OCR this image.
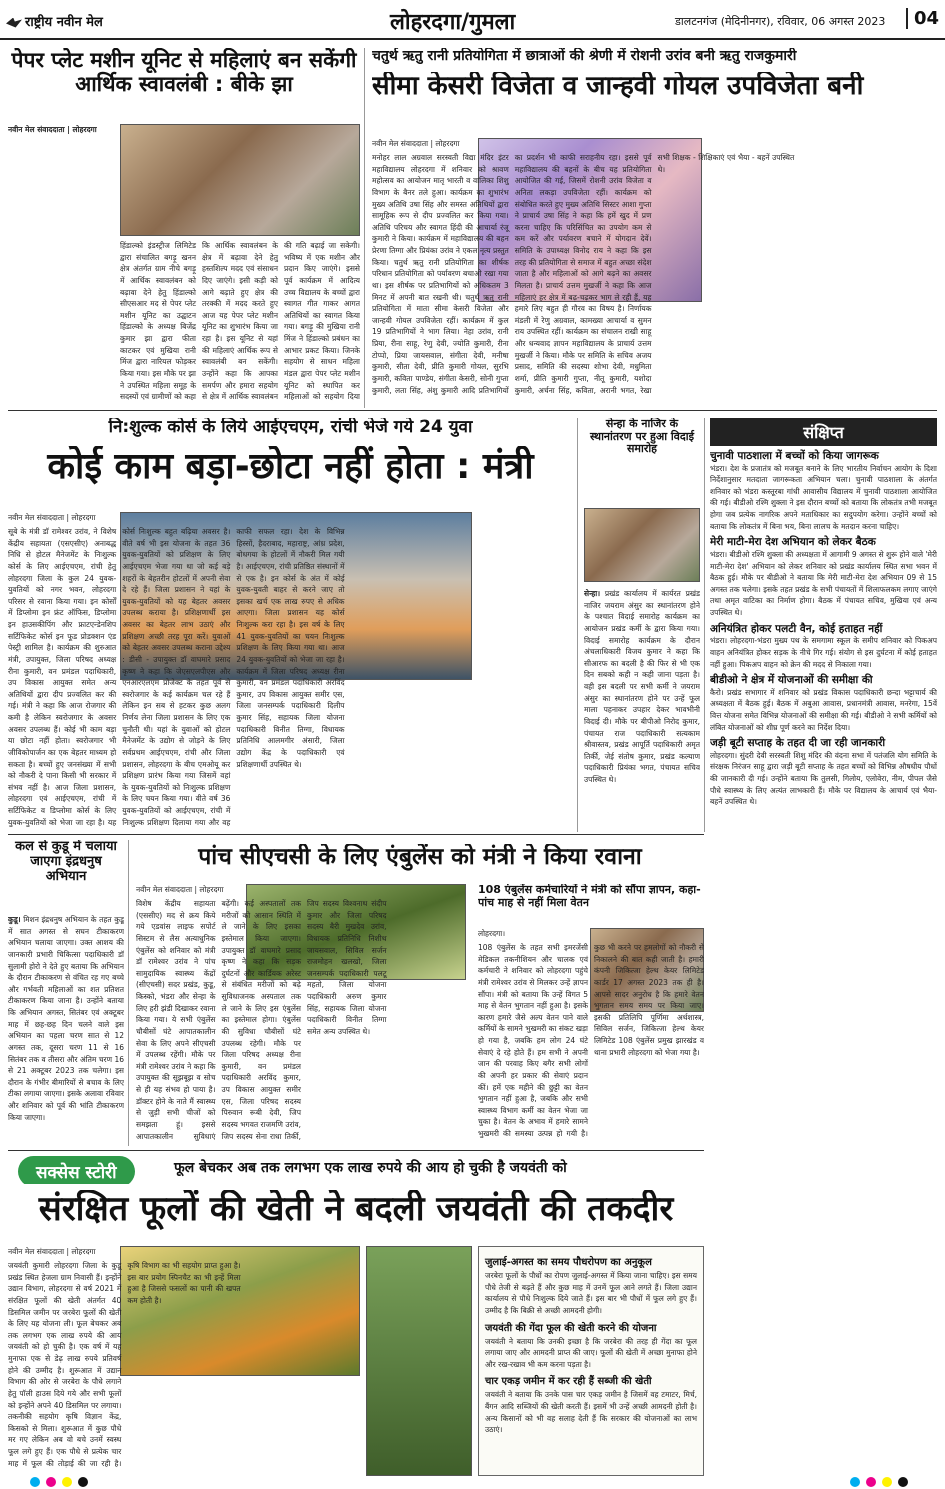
राष्ट्रीय नवीन मेल	लोहरदगा/गुमला	डालटनगंज (मेदिनीनगर), रविवार, 06 अगस्त 2023	04
पेपर प्लेट मशीन यूनिट से महिलाएं बन सकेंगी आर्थिक स्वावलंबी : बीके झा
नवीन मेल संवाददाता | लोहरदगा
हिंडाल्को इंडस्ट्रीज लिमिटेड द्वारा संचालित बगड़ू खनन क्षेत्र अंतर्गत ग्राम नीचे बगड़ू में आर्थिक स्वावलंबन को बढ़ावा देने हेतु हिंडाल्को सीएसआर मद से पेपर प्लेट मशीन यूनिट का उद्घाटन हिंडाल्को के अध्यक्ष बिजेंद्र कुमार झा द्वारा फीता काटकर एवं मुखिया रानी मिंज द्वारा नारियल फोड़कर किया गया। इस मौके पर झा ने उपस्थित महिला समूह के सदस्यों एवं ग्रामीणों को कहा कि आर्थिक स्वावलंबन के क्षेत्र में बढ़ावा देने हेतु हस्तशिल्प मदद एवं संसाधन दिए जाएंगे। इसी कड़ी को आगे बढ़ाते हुए क्षेत्र की तरक्की में मदद करते हुए आज यह पेपर प्लेट मशीन यूनिट का शुभारंभ किया जा रहा है। इस यूनिट से यहां की महिलाएं आर्थिक रूप से स्वावलंबी बन सकेंगी। उन्होंने कहा कि आपका समर्पण और हमारा सहयोग से क्षेत्र में आर्थिक स्वावलंबन की गति बढ़ाई जा सकेगी। भविष्य में एक मशीन और प्रदान किए जाएंगे। इससे पूर्व कार्यक्रम में आदित्य उच्च विद्यालय के बच्चों द्वारा स्वागत गीत गाकर आगत अतिथियों का स्वागत किया गया। बगड़ू की मुखिया रानी मिंज ने हिंडाल्को प्रबंधन का आभार प्रकट किया। जिनके सहयोग से साधन महिला मंडल द्वारा पेपर प्लेट मशीन यूनिट को स्थापित कर महिलाओं को सहयोग दिया
चतुर्थ ऋतु रानी प्रतियोगिता में छात्राओं की श्रेणी में रोशनी उरांव बनी ऋतु राजकुमारी
सीमा केसरी विजेता व जान्हवी गोयल उपविजेता बनी
नवीन मेल संवाददाता | लोहरदगा
मनोहर लाल अग्रवाल सरस्वती विद्या मंदिर इंटर महाविद्यालय लोहरदगा में शनिवार को श्रावण महोत्सव का आयोजन मातृ भारती व वालिका शिशु विभाग के बैनर तले हुआ। कार्यक्रम का शुभारंभ मुख्य अतिथि उषा सिंह और समस्त अतिथियों द्वारा सामूहिक रूप से दीप प्रज्वलित कर किया गया। अतिथि परिचय और स्वागत हिंदी की आचार्या रंजू कुमारी ने किया। कार्यक्रम में महाविद्यालय की बहन प्रेरणा तिग्गा और प्रियंका उरांव ने एकल नृत्य प्रस्तुत किया। चतुर्थ ऋतु रानी प्रतियोगिता का शीर्षक परिधान प्रतियोगिता को पर्यावरण बचाओ रखा गया था। इस शीर्षक पर प्रतिभागियों को अधिकतम 3 मिनट में अपनी बात रखनी थी। चतुर्थ ऋतु रानी प्रतियोगिता में माता सीमा केसरी विजेता और जान्हवी गोयल उपविजेता रहीं। कार्यक्रम में कुल 19 प्रतिभागियों ने भाग लिया। नेहा उरांव, रानी प्रिया, रीना साहू, रेणु देवी, ज्योति कुमारी, रीना टोप्पो, प्रिया जायसवाल, संगीता देवी, मनीषा कुमारी, सीता देवी, प्रीति कुमारी गोयल, सुरभि कुमारी, कविता पाण्डेय, संगीता केसरी, सोनी गुप्ता कुमारी, लता सिंह, अंशु कुमारी आदि प्रतिभागियों का प्रदर्शन भी काफी सराहनीय रहा। इससे पूर्व महाविद्यालय की बहनों के बीच यह प्रतियोगिता आयोजित की गई, जिसमें रोशनी उरांव विजेता व अनिता लकड़ा उपविजेता रहीं। कार्यक्रम को संबोधित करते हुए मुख्य अतिथि सिस्टर आशा गुप्ता ने प्राचार्य उषा सिंह ने कहा कि हमें खुद में प्रण करना चाहिए कि परिसिंचित का उपयोग कम से कम करें और पर्यावरण बचाने में योगदान देवें। समिति के उपाध्यक्ष विनोद राय ने कहा कि इस तरह की प्रतियोगिता से समाज में बहुत अच्छा संदेश जाता है और महिलाओं को आगे बढ़ने का अवसर मिलता है। प्राचार्य उत्तम मुखर्जी ने कहा कि आज महिलाएं हर क्षेत्र में बढ़-चढ़कर भाग ले रही हैं, यह हमारे लिए बहुत ही गौरव का विषय है। निर्णायक मंडली में रेणु अग्रवाल, कामख्या आचार्या व सुमन राय उपस्थित रहीं। कार्यक्रम का संचालन राखी साहू और धन्यवाद ज्ञापन महाविद्यालय के प्राचार्य उत्तम मुखर्जी ने किया। मौके पर समिति के सचिव अजय प्रसाद, समिति की सदस्या शोभा देवी, मधुमिता शर्मा, प्रीति कुमारी गुप्ता, नीतू कुमारी, यशोदा कुमारी, अर्चना सिंह, कविता, अरानी भगत, रेखा सभी शिक्षक - शिक्षिकाएं एवं भैया - बहनें उपस्थित थे।
नि:शुल्क कोर्स के लिये आईएचएम, रांची भेजे गये 24 युवा
कोई काम बड़ा-छोटा नहीं होता : मंत्री
नवीन मेल संवाददाता | लोहरदगा
सूबे के मंत्री डॉ रामेश्वर उरांव, ने विशेष केंद्रीय सहायता (एसएसीए) अनाबद्ध निधि से होटल मैनेजमेंट के निःशुल्क कोर्स के लिए आईएचएम, रांची हेतु लोहरदगा जिला के कुल 24 युवक-युवतियों को नगर भवन, लोहरदगा परिसर से रवाना किया गया। इन कोर्सों में डिप्लोमा इन फ्रंट ऑफिस, डिप्लोमा इन हाउसकीपिंग और फ्राटएन्डेनशिप सर्टिफिकेट कोर्स इन फूड प्रोडक्शन एंड पेस्ट्री शामिल है। कार्यक्रम की शुरुआत मंत्री, उपायुक्त, जिला परिषद अध्यक्ष रीना कुमारी, वन प्रमंडल पदाधिकारी, उप विकास आयुक्त समेत अन्य अतिथियों द्वारा दीप प्रज्वलित कर की गई। मंत्री ने कहा कि आज रोजगार की कमी है लेकिन स्वरोजगार के अवसर अवसर उपलब्ध हैं। कोई भी काम बड़ा या छोटा नहीं होता। स्वरोजगार भी जीविकोपार्जन का एक बेहतर माध्यम हो सकता है। बच्चों हुए जनसंख्या में सभी को नौकरी दे पाना किसी भी सरकार में संभव नहीं है। आज जिला प्रशासन, लोहरदगा एवं आईएचएम, रांची में सर्टिफिकेट व डिप्लोमा कोर्स के लिए युवक-युवतियों को भेजा जा रहा है। यह कोर्स निःशुल्क बहुत बढ़िया अवसर है। वीते वर्ष भी इस योजना के तहत 36 युवक-युवतियों को प्रशिक्षण के लिए आईएचएम भेजा गया था जो कई बड़े शहरों के बेहतरीन होटलों में अपनी सेवा दे रहे हैं। जिला प्रशासन ने यहां के युवक-युवतियों को यह बेहतर अवसर उपलब्ध कराया है। प्रशिक्षणार्थी इस अवसर का बेहतर लाभ उठाएं और प्रशिक्षण अच्छी तरह पूरा करें। युवाओं को बेहतर अवसर उपलब्ध कराना उद्देश्य : डीसी - उपायुक्त डॉ वाघमारे प्रसाद कृष्ण ने कहा कि जेएसएलपीएस और एनआरएलएम प्रोजेक्ट के तहत पूर्व से स्वरोजगार के कई कार्यक्रम चल रहे हैं लेकिन इन सब से हटकर कुछ अलग निर्णय लेना जिला प्रशासन के लिए एक चुनौती थी। यहां के युवाओं को होटल मैनेजमेंट के उद्योग से जोड़ने के लिए सर्वप्रथम आईएचएम, रांची और जिला प्रशासन, लोहरदगा के बीच एमओयू कर प्रशिक्षण प्रारंभ किया गया जिसमें वहां के युवक-युवतियों को निःशुल्क प्रशिक्षण के लिए चयन किया गया। वीते वर्ष 36 युवक-युवतियों को आईएचएम, रांची में निःशुल्क प्रशिक्षण दिलाया गया और वह काफी सफल रहा। देश के विभिन्न हिस्सों, हैदराबाद, महाराष्ट्र, आंध्र प्रदेश, बोधगया के होटलों में नौकरी मिल गयी है। आईएचएम, रांची प्रतिष्ठित संस्थानों में से एक है। इन कोर्स के अंत में कोई युवक-युवती बाहर से करने जाए तो इसका खर्च एक लाख रुपए से अधिक आएगा। जिला प्रशासन यह कोर्स निःशुल्क करा रहा है। इस वर्ष के लिए 41 युवक-युवतियों का चयन निःशुल्क प्रशिक्षण के लिए किया गया था। आज 24 युवक-युवतियों को भेजा जा रहा है। कार्यक्रम में जिला परिषद अध्यक्ष रीना कुमारी, वन प्रमंडल पदाधिकारी अरविंद कुमार, उप विकास आयुक्त समीर एस, जिला जनसम्पर्क पदाधिकारी दिलीप कुमार सिंह, सहायक जिला योजना पदाधिकारी विनीत तिग्गा, विधायक प्रतिनिधि आलमगीर अंसारी, जिला उद्योग केंद्र के पदाधिकारी एवं प्रशिक्षणार्थी उपस्थित थे।
सेन्हा के नाजिर के स्थानांतरण पर हुआ विदाई समारोह
सेन्हा। प्रखंड कार्यालय में कार्यरत प्रखंड नाजिर जयराम अंसुर का स्थानांतरण होने के पश्चात विदाई समारोह कार्यक्रम का आयोजन प्रखंड कर्मी के द्वारा किया गया। विदाई समारोह कार्यक्रम के दौरान अंचलाधिकारी विजय कुमार ने कहा कि सीआरफ का बदली है की फिर से भी एक दिन सबको कही न कही जाना पड़ता है। वही इस बदली पर सभी कर्मी ने जयराम अंसुर का स्थानांतरण होने पर उन्हें फूल माला पहनाकर उपहार देकर भावभीनी विदाई दी। मौके पर बीपीओ निरोद कुमार, पंचायत राज पदाधिकारी सत्यकाम श्रीवास्तव, प्रखंड आपूर्ति पदाधिकारी अमृत तिर्की, जेई संतोष कुमार, प्रखंड कल्याण पदाधिकारी प्रियंका भगत, पंचायत सचिव उपस्थित थे।
संक्षिप्त
चुनावी पाठशाला में बच्चों को किया जागरूक
भंडरा। देश के प्रजातंत्र को मजबूत बनाने के लिए भारतीय निर्वाचन आयोग के दिशा निर्देशानुसार मतदाता जागरूकता अभियान चला। चुनावी पाठशाला के अंतर्गत शनिवार को भंडरा कस्तूरबा गांधी आवासीय विद्यालय में चुनावी पाठशाला आयोजित की गई। बीडीओ रश्मि शुक्ला ने इस दौरान बच्चों को बताया कि लोकतंत्र तभी मजबूत होगा जब प्रत्येक नागरिक अपने मताधिकार का सदुपयोग करेगा। उन्होंने बच्चों को बताया कि लोकतंत्र में बिना भय, बिना लालच के मतदान करना चाहिए।
मेरी माटी-मेरा देश अभियान को लेकर बैठक
भंडरा। बीडीओ रश्मि शुक्ला की अध्यक्षता में आगामी 9 अगस्त से शुरू होने वाले 'मेरी माटी-मेरा देश' अभियान को लेकर शनिवार को प्रखंड कार्यालय स्थित सभा भवन में बैठक हुई। मौके पर बीडीओ ने बताया कि मेरी माटी-मेरा देश अभियान 09 से 15 अगस्त तक चलेगा। इसके तहत प्रखंड के सभी पंचायतों में शिलाफलकम लगाए जाएंगे तथा अमृत वाटिका का निर्माण होगा। बैठक में पंचायत सचिव, मुखिया एवं अन्य उपस्थित थे।
अनियंत्रित होकर पलटी वैन, कोई हताहत नहीं
भंडरा। लोहरदगा-भंडरा मुख्य पथ के समगामा स्कूल के समीप शनिवार को पिकअप वाहन अनियंत्रित होकर सड़क के नीचे गिर गई। संयोग से इस दुर्घटना में कोई हताहत नहीं हुआ। पिकअप वाहन को क्रेन की मदद से निकाला गया।
बीडीओ ने क्षेत्र में योजनाओं की समीक्षा की
कैरो। प्रखंड सभागार में शनिवार को प्रखंड विकास पदाधिकारी छन्दा भट्टाचार्य की अध्यक्षता में बैठक हुई। बैठक में अबुआ आवास, प्रधानमंत्री आवास, मनरेगा, 15वें वित्त योजना समेत विभिन्न योजनाओं की समीक्षा की गई। बीडीओ ने सभी कर्मियों को लंबित योजनाओं को शीघ्र पूर्ण करने का निर्देश दिया।
जड़ी बूटी सप्ताह के तहत दी जा रही जानकारी
लोहरदगा। सुंदरी देवी सरस्वती शिशु मंदिर की वंदना सभा में पतंजलि योग समिति के संरक्षक निरंजन साहू द्वारा जड़ी बूटी सप्ताह के तहत बच्चों को विभिन्न औषधीय पौधों की जानकारी दी गई। उन्होंने बताया कि तुलसी, गिलोय, एलोवेरा, नीम, पीपल जैसे पौधे स्वास्थ्य के लिए अत्यंत लाभकारी हैं। मौके पर विद्यालय के आचार्य एवं भैया-बहनें उपस्थित थे।
कल से कुडू में चलाया जाएगा इंद्रधनुष अभियान
कुडू। मिशन इंद्रधनुष अभियान के तहत कुडू में सात अगस्त से सघन टीकाकरण अभियान चलाया जाएगा। उक्त आशय की जानकारी प्रभारी चिकित्सा पदाधिकारी डॉ सुलामी होरो ने देते हुए बताया कि अभियान के दौरान टीकाकरण से वंचित रह गए बच्चे और गर्भवती महिलाओं का शत प्रतिशत टीकाकरण किया जाना है। उन्होंने बताया कि अभियान अगस्त, सितंबर एवं अक्टूबर माह में छह-छह दिन चलने वाले इस अभियान का पहला चरण सात से 12 अगस्त तक, दूसरा चरण 11 से 16 सितंबर तक व तीसरा और अंतिम चरण 16 से 21 अक्टूबर 2023 तक चलेगा। इस दौरान के गंभीर बीमारियों से बचाव के लिए टीका लगाया जाएगा। इसके अलावा रविवार और शनिवार को पूर्व की भांति टीकाकरण किया जाएगा।
पांच सीएचसी के लिए एंबुलेंस को मंत्री ने किया रवाना
नवीन मेल संवाददाता | लोहरदगा
विशेष केंद्रीय सहायता (एससीए) मद से क्रय किये गये एडवांस लाइफ सपोर्ट सिस्टम से लैस अत्याधुनिक एंबुलेंस को शनिवार को मंत्री डॉ रामेश्वर उरांव ने पांच सामुदायिक स्वास्थ्य केंद्रों (सीएचसी) सदर प्रखंड, कुडू, किस्को, भंडरा और सेन्हा के लिए हरी झंडी दिखाकर रवाना किया गया। ये सभी एंबुलेंस चौबीसों घंटे आपातकालीन सेवा के लिए अपने सीएचसी में उपलब्ध रहेंगी। मौके पर मंत्री रामेश्वर उरांव ने कहा कि उपायुक्त की सूझबूझ व सोच से ही यह संभव हो पाया है। डॉक्टर होने के नाते मैं स्वास्थ्य से जुड़ी सभी चीजों को समझता हूं। इससे आपातकालीन सुविधाएं बढ़ेंगी। कई अस्पतालों तक मरीजों को आसान स्थिति में ले जाने के लिए इसका इस्तेमाल किया जाएगा। उपायुक्त डॉ वाघमारे प्रसाद कृष्ण ने कहा कि सड़क दुर्घटनों और कार्डियक अरेस्ट से संबंधित मरीजों को बढ़े सुविधाजनक अस्पताल तक ले जाने के लिए इस एंबुलेंस का इस्तेमाल होगा। एंबुलेंस की सुविधा चौबीसों घंटे उपलब्ध रहेगी। मौके पर जिला परिषद अध्यक्ष रीना कुमारी, वन प्रमंडल पदाधिकारी अरविंद कुमार, उप विकास आयुक्त समीर एस, जिला परिषद सदस्य पिरुवान रूबी देवी, जिप सदस्य भगवत राजमणि उरांव, जिप सदस्य सेना राधा तिर्की, जिप सदस्य विश्वनाथ संदीप कुमार और जिला परिषद सदस्य बैरी मुखदेव उरांव, विधायक प्रतिनिधि निशीथ जायसवाल, सिविल सर्जन राजमोहन खलखो, जिला जनसम्पर्क पदाधिकारी पलटू महतो, जिला योजना पदाधिकारी अरुण कुमार सिंह, सहायक जिला योजना पदाधिकारी विनीत तिग्गा समेत अन्य उपस्थित थे।
108 एंबुलेंस कर्मचारियों ने मंत्री को सौंपा ज्ञापन, कहा- पांच माह से नहीं मिला वेतन
लोहरदगा।
108 एंबुलेंस के तहत सभी इमरजेंसी मेडिकल तकनीशियन और चालक एवं कर्मचारी ने शनिवार को लोहरदगा पहुंचे मंत्री रामेश्वर उरांव से मिलकर उन्हें ज्ञापन सौंपा। मंत्री को बताया कि उन्हें विगत 5 माह से वेतन भुगतान नहीं हुआ है। इसके कारण हमारे जैसे अल्प वेतन पाने वाले कर्मियों के सामने भुखमरी का संकट खड़ा हो गया है, जबकि हम लोग 24 घंटे सेवाएं दे रहे होते हैं। हम सभी ने अपनी जान की परवाह किए बगैर सभी लोगों की अपनी हर प्रकार की सेवाएं प्रदान कीं। हमें एक महीने की छुट्टी का वेतन भुगतान नहीं हुआ है, जबकि और सभी स्वास्थ्य विभाग कर्मी का वेतन भेजा जा चुका है। वेतन के अभाव में हमारे सामने भुखमरी की समस्या उत्पन्न हो गयी है। कुछ भी करने पर हमलोगों को नौकरी से निकालने की बात कही जाती है। हमारी कंपनी जिकित्जा हेल्थ केयर लिमिटेड कार्डर 17 अगस्त 2023 तक ही है। आपसे सादर अनुरोध है कि हमारे वेतन भुगतान समय समय पर किया जाए। इसकी प्रतिलिपि पूर्णिमा अर्थशास्त्र, सिविल सर्जन, जिकित्जा हेल्थ केयर लिमिटेड 108 एंबुलेंस प्रमुख झारखंड व थाना प्रभारी लोहरदगा को भेजा गया है।
सक्सेस स्टोरी	फूल बेचकर अब तक लगभग एक लाख रुपये की आय हो चुकी है जयवंती को
संरक्षित फूलों की खेती ने बदली जयवंती की तकदीर
नवीन मेल संवाददाता | लोहरदगा
जयवंती कुमारी लोहरदगा जिला के कुडू प्रखंड स्थित हेजला ग्राम निवासी हैं। इन्होंने उद्यान विभाग, लोहरदगा से वर्ष 2021 में संरक्षित फूलों की खेती अंतर्गत 40 डिसमिल जमीन पर जरबेरा फूलों की खेती के लिए यह योजना ली। फूल बेचकर अब तक लगभग एक लाख रुपये की आय जयवंती को हो चुकी है। एक वर्ष में यह मुनाफा एक से डेढ़ लाख रुपये प्रतिवर्ष होने की उम्मीद है। शुरूआत में उद्यान विभाग की ओर से जरबेरा के पौधे लगाने हेतु पॉली हाउस दिये गये और सभी फूलों को इन्होंने अपने 40 डिसमिल पर लगाया। तकनीकी सहयोग कृषि विज्ञान केंद्र, किसको से मिला। शुरूआत में कुछ पौधे मर गए लेकिन अब वो बचे उनमें स्वस्थ फूल लगे हुए हैं। एक पौधे से प्रत्येक चार माह में फूल की तोड़ाई की जा रही है। कृषि विभाग का भी सहयोग प्राप्त हुआ है। इस बार प्रयोग स्पिनचैट का भी इन्हें मिला हुआ है जिससे फसलों का पानी की खपत कम होती है।
जुलाई-अगस्त का समय पौधरोपण का अनुकूल
जरबेरा फूलों के पौधों का रोपण जुलाई-अगस्त में किया जाना चाहिए। इस समय पौधे तेजी से बढ़ते हैं और कुछ माह में उनमें फूल आने लगते हैं। जिला उद्यान कार्यालय से पौधे निःशुल्क दिये जाते हैं। इस बार भी पौधों में फूल लगे हुए हैं। उम्मीद है कि बिक्री से अच्छी आमदनी होगी।
जयवंती की गेंदा फूल की खेती करने की योजना
जयवंती ने बताया कि उनकी इच्छा है कि जरबेरा की तरह ही गेंदा का फूल लगाया जाए और आमदनी प्राप्त की जाए। फूलों की खेती में अच्छा मुनाफा होने और रख-रखाव भी कम करना पड़ता है।
चार एकड़ जमीन में कर रही हैं सब्जी की खेती
जयवंती ने बताया कि उनके पास चार एकड़ जमीन है जिसमें वह टमाटर, मिर्च, बैंगन आदि सब्जियों की खेती करती हैं। इसमें भी उन्हें अच्छी आमदनी होती है। अन्य किसानों को भी वह सलाह देती हैं कि सरकार की योजनाओं का लाभ उठाएं।
